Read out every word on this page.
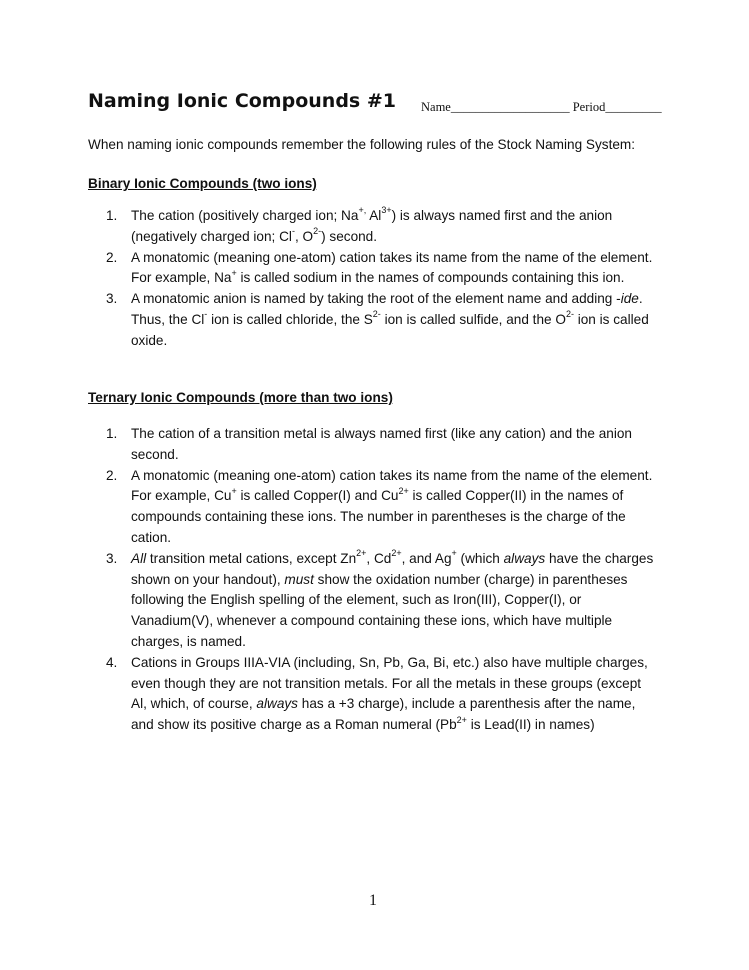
Naming Ionic Compounds #1 Name___________________ Period_________
When naming ionic compounds remember the following rules of the Stock Naming System:
Binary Ionic Compounds (two ions)
1. The cation (positively charged ion; Na+, $Al^{3+}$) is always named first and the anion (negatively charged ion; Cl-, $O^{2-}$) second.
2. A monatomic (meaning one-atom) cation takes its name from the name of the element. For example, Na+ is called sodium in the names of compounds containing this ion.
3. A monatomic anion is named by taking the root of the element name and adding -ide. Thus, the Cl- ion is called chloride, the $S^{2-}$ ion is called sulfide, and the $O^{2-}$ ion is called oxide.
Ternary Ionic Compounds (more than two ions)
1. The cation of a transition metal is always named first (like any cation) and the anion second.
2. A monatomic (meaning one-atom) cation takes its name from the name of the element. For example, Cu+ is called Copper(I) and $Cu^{2+}$ is called Copper(II) in the names of compounds containing these ions. The number in parentheses is the charge of the cation.
3. All transition metal cations, except $Zn^{2+}$, $Cd^{2+}$, and Ag+ (which always have the charges shown on your handout), must show the oxidation number (charge) in parentheses following the English spelling of the element, such as Iron(III), Copper(I), or Vanadium(V), whenever a compound containing these ions, which have multiple charges, is named.
4. Cations in Groups IIIA-VIA (including, Sn, Pb, Ga, Bi, etc.) also have multiple charges, even though they are not transition metals. For all the metals in these groups (except Al, which, of course, always has a +3 charge), include a parenthesis after the name, and show its positive charge as a Roman numeral ($Pb^{2+}$ is Lead(II) in names)
1
